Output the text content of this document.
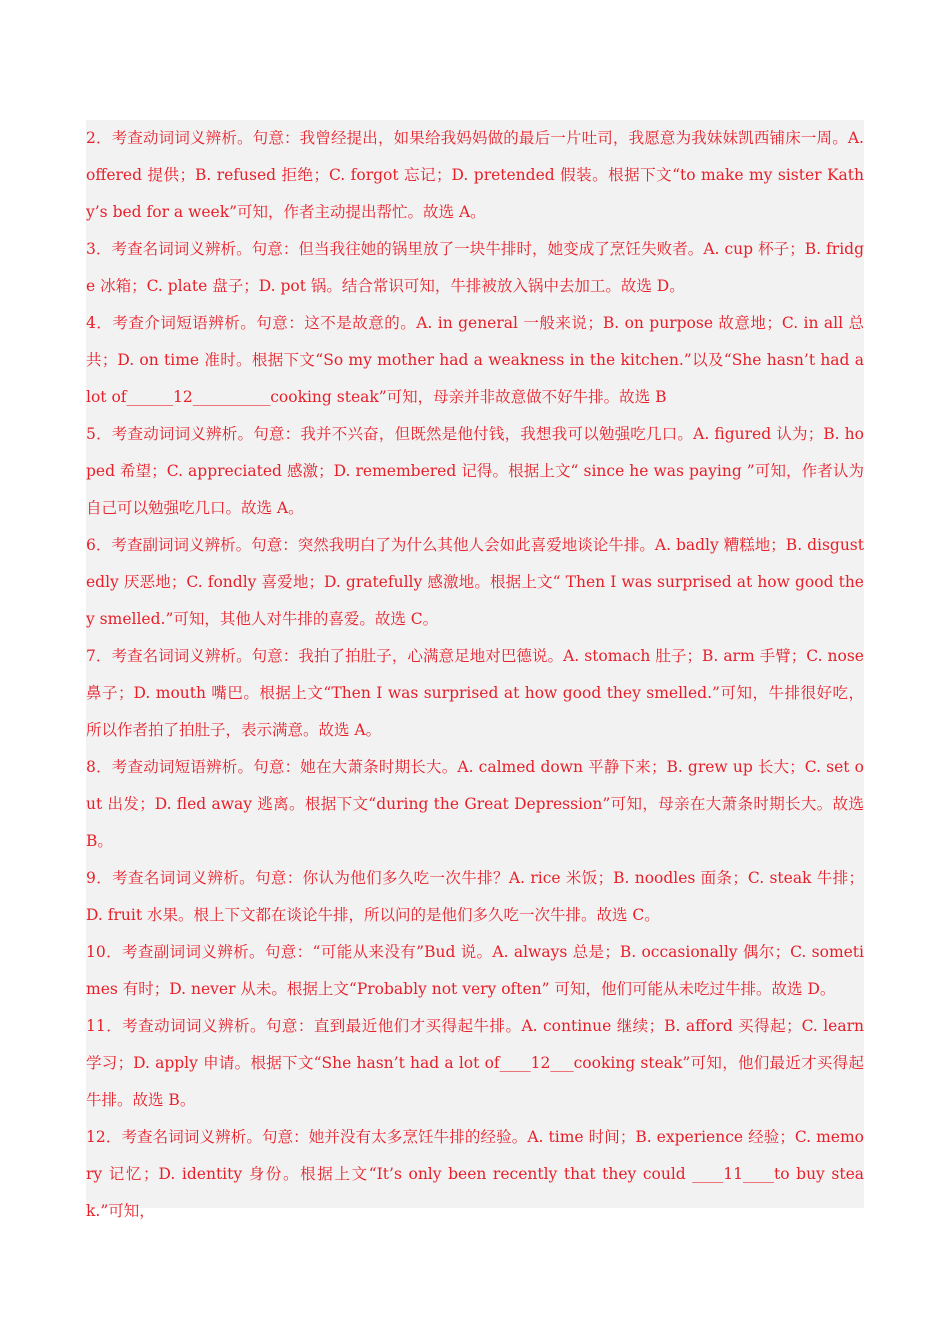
2．考查动词词义辨析。句意：我曾经提出，如果给我妈妈做的最后一片吐司，我愿意为我妹妹凯西铺床一周。A. offered 提供；B. refused 拒绝；C. forgot 忘记；D. pretended 假装。根据下文“to make my sister Kathy’s bed for a week”可知，作者主动提出帮忙。故选 A。

3．考查名词词义辨析。句意：但当我往她的锅里放了一块牛排时，她变成了烹饪失败者。A. cup 杯子；B. fridge 冰箱；C. plate 盘子；D. pot 锅。结合常识可知，牛排被放入锅中去加工。故选 D。

4．考查介词短语辨析。句意：这不是故意的。A. in general 一般来说；B. on purpose 故意地；C. in all 总共；D. on time 准时。根据下文“So my mother had a weakness in the kitchen.”以及“She hasn’t had a lot of______12__________cooking steak”可知，母亲并非故意做不好牛排。故选 B

5．考查动词词义辨析。句意：我并不兴奋，但既然是他付钱，我想我可以勉强吃几口。A. figured 认为；B. hoped 希望；C. appreciated 感激；D. remembered 记得。根据上文“ since he was paying ”可知，作者认为自己可以勉强吃几口。故选 A。

6．考查副词词义辨析。句意：突然我明白了为什么其他人会如此喜爱地谈论牛排。A. badly 糟糕地；B. disgustedly 厌恶地；C. fondly 喜爱地；D. gratefully 感激地。根据上文“ Then I was surprised at how good they smelled.”可知，其他人对牛排的喜爱。故选 C。

7．考查名词词义辨析。句意：我拍了拍肚子，心满意足地对巴德说。A. stomach 肚子；B. arm 手臂；C. nose 鼻子；D. mouth 嘴巴。根据上文“Then I was surprised at how good they smelled.”可知，牛排很好吃，所以作者拍了拍肚子，表示满意。故选 A。

8．考查动词短语辨析。句意：她在大萧条时期长大。A. calmed down 平静下来；B. grew up 长大；C. set out 出发；D. fled away 逃离。根据下文“during the Great Depression”可知，母亲在大萧条时期长大。故选 B。

9．考查名词词义辨析。句意：你认为他们多久吃一次牛排？A. rice 米饭；B. noodles 面条；C. steak 牛排；D. fruit 水果。根上下文都在谈论牛排，所以问的是他们多久吃一次牛排。故选 C。

10．考查副词词义辨析。句意：“可能从来没有”Bud 说。A. always 总是；B. occasionally 偶尔；C. sometimes 有时；D. never 从未。根据上文“Probably not very often” 可知，他们可能从未吃过牛排。故选 D。

11．考查动词词义辨析。句意：直到最近他们才买得起牛排。A. continue 继续；B. afford 买得起；C. learn 学习；D. apply 申请。根据下文“She hasn’t had a lot of____12___cooking steak”可知，他们最近才买得起牛排。故选 B。

12．考查名词词义辨析。句意：她并没有太多烹饪牛排的经验。A. time 时间；B. experience 经验；C. memory 记忆；D. identity 身份。根据上文“It’s only been recently that they could ____11____to buy steak.”可知，
